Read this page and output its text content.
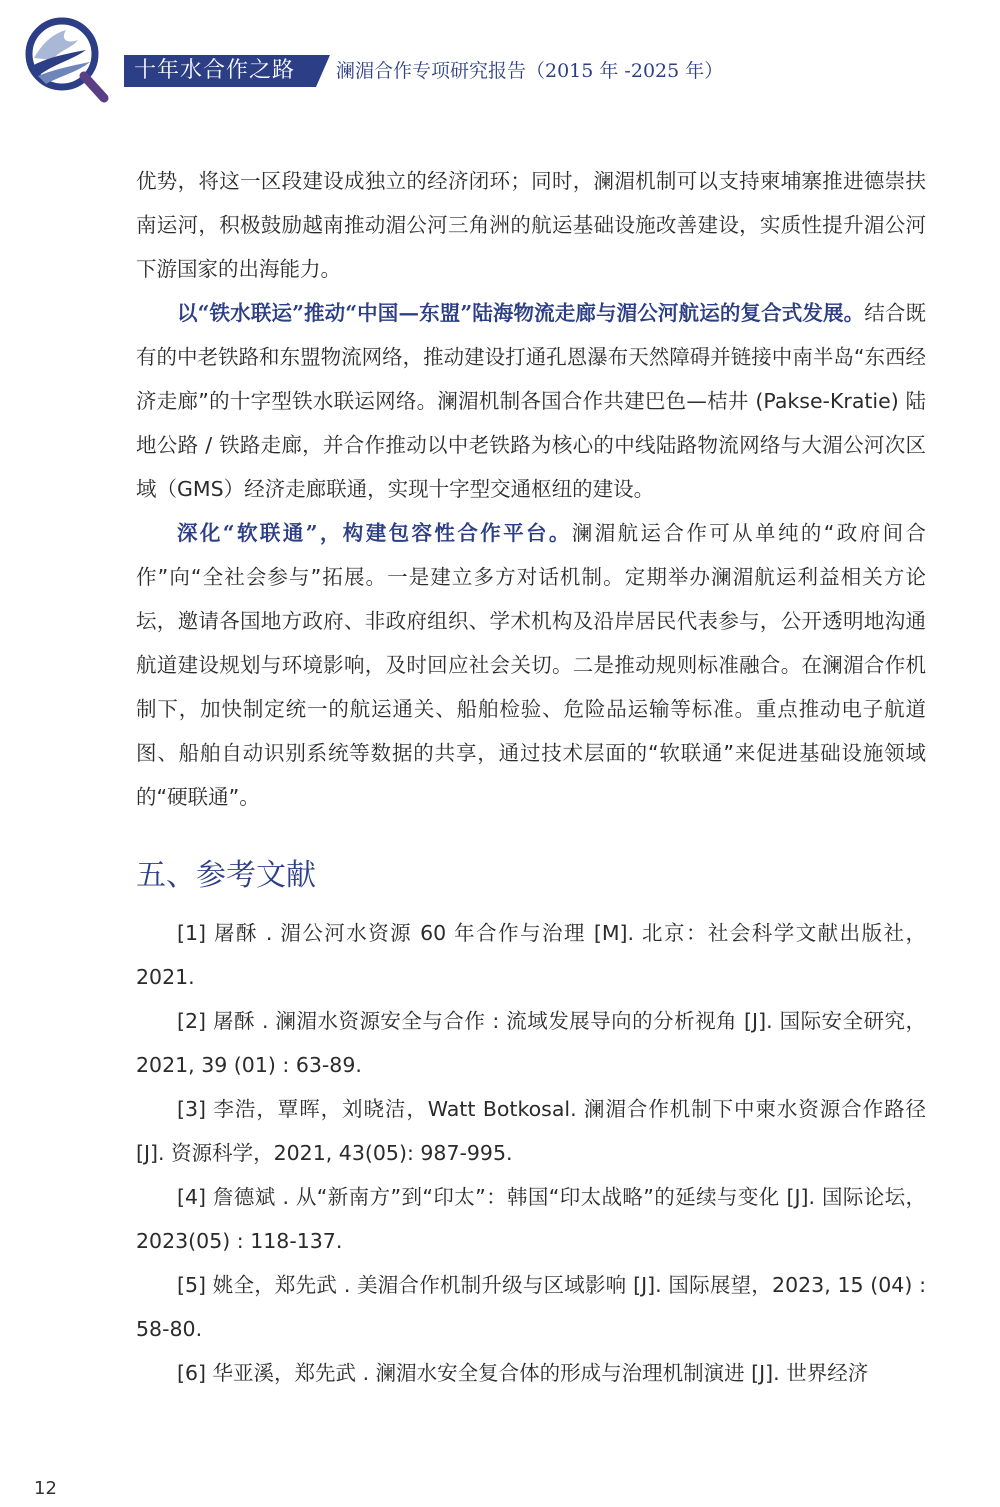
十年水合作之路	澜湄合作专项研究报告（2015 年 -2025 年）

优势，将这一区段建设成独立的经济闭环；同时，澜湄机制可以支持柬埔寨推进德崇扶南运河，积极鼓励越南推动湄公河三角洲的航运基础设施改善建设，实质性提升湄公河下游国家的出海能力。

以“铁水联运”推动“中国—东盟”陆海物流走廊与湄公河航运的复合式发展。结合既有的中老铁路和东盟物流网络，推动建设打通孔恩瀑布天然障碍并链接中南半岛“东西经济走廊”的十字型铁水联运网络。澜湄机制各国合作共建巴色—桔井 (Pakse-Kratie) 陆地公路 / 铁路走廊，并合作推动以中老铁路为核心的中线陆路物流网络与大湄公河次区域（GMS）经济走廊联通，实现十字型交通枢纽的建设。

深化“软联通”，构建包容性合作平台。澜湄航运合作可从单纯的“政府间合作”向“全社会参与”拓展。一是建立多方对话机制。定期举办澜湄航运利益相关方论坛，邀请各国地方政府、非政府组织、学术机构及沿岸居民代表参与，公开透明地沟通航道建设规划与环境影响，及时回应社会关切。二是推动规则标准融合。在澜湄合作机制下，加快制定统一的航运通关、船舶检验、危险品运输等标准。重点推动电子航道图、船舶自动识别系统等数据的共享，通过技术层面的“软联通”来促进基础设施领域的“硬联通”。

五、参考文献

[1] 屠酥 . 湄公河水资源 60 年合作与治理 [M]. 北京：社会科学文献出版社，2021.

[2] 屠酥 . 澜湄水资源安全与合作 : 流域发展导向的分析视角 [J]. 国际安全研究，2021, 39 (01) : 63-89.

[3] 李浩，覃晖，刘晓洁，Watt Botkosal. 澜湄合作机制下中柬水资源合作路径 [J]. 资源科学，2021, 43(05): 987-995.

[4] 詹德斌 . 从“新南方”到“印太”：韩国“印太战略”的延续与变化 [J]. 国际论坛，2023(05) : 118-137.

[5] 姚全，郑先武 . 美湄合作机制升级与区域影响 [J]. 国际展望，2023, 15 (04) : 58-80.

[6] 华亚溪，郑先武 . 澜湄水安全复合体的形成与治理机制演进 [J]. 世界经济

12
